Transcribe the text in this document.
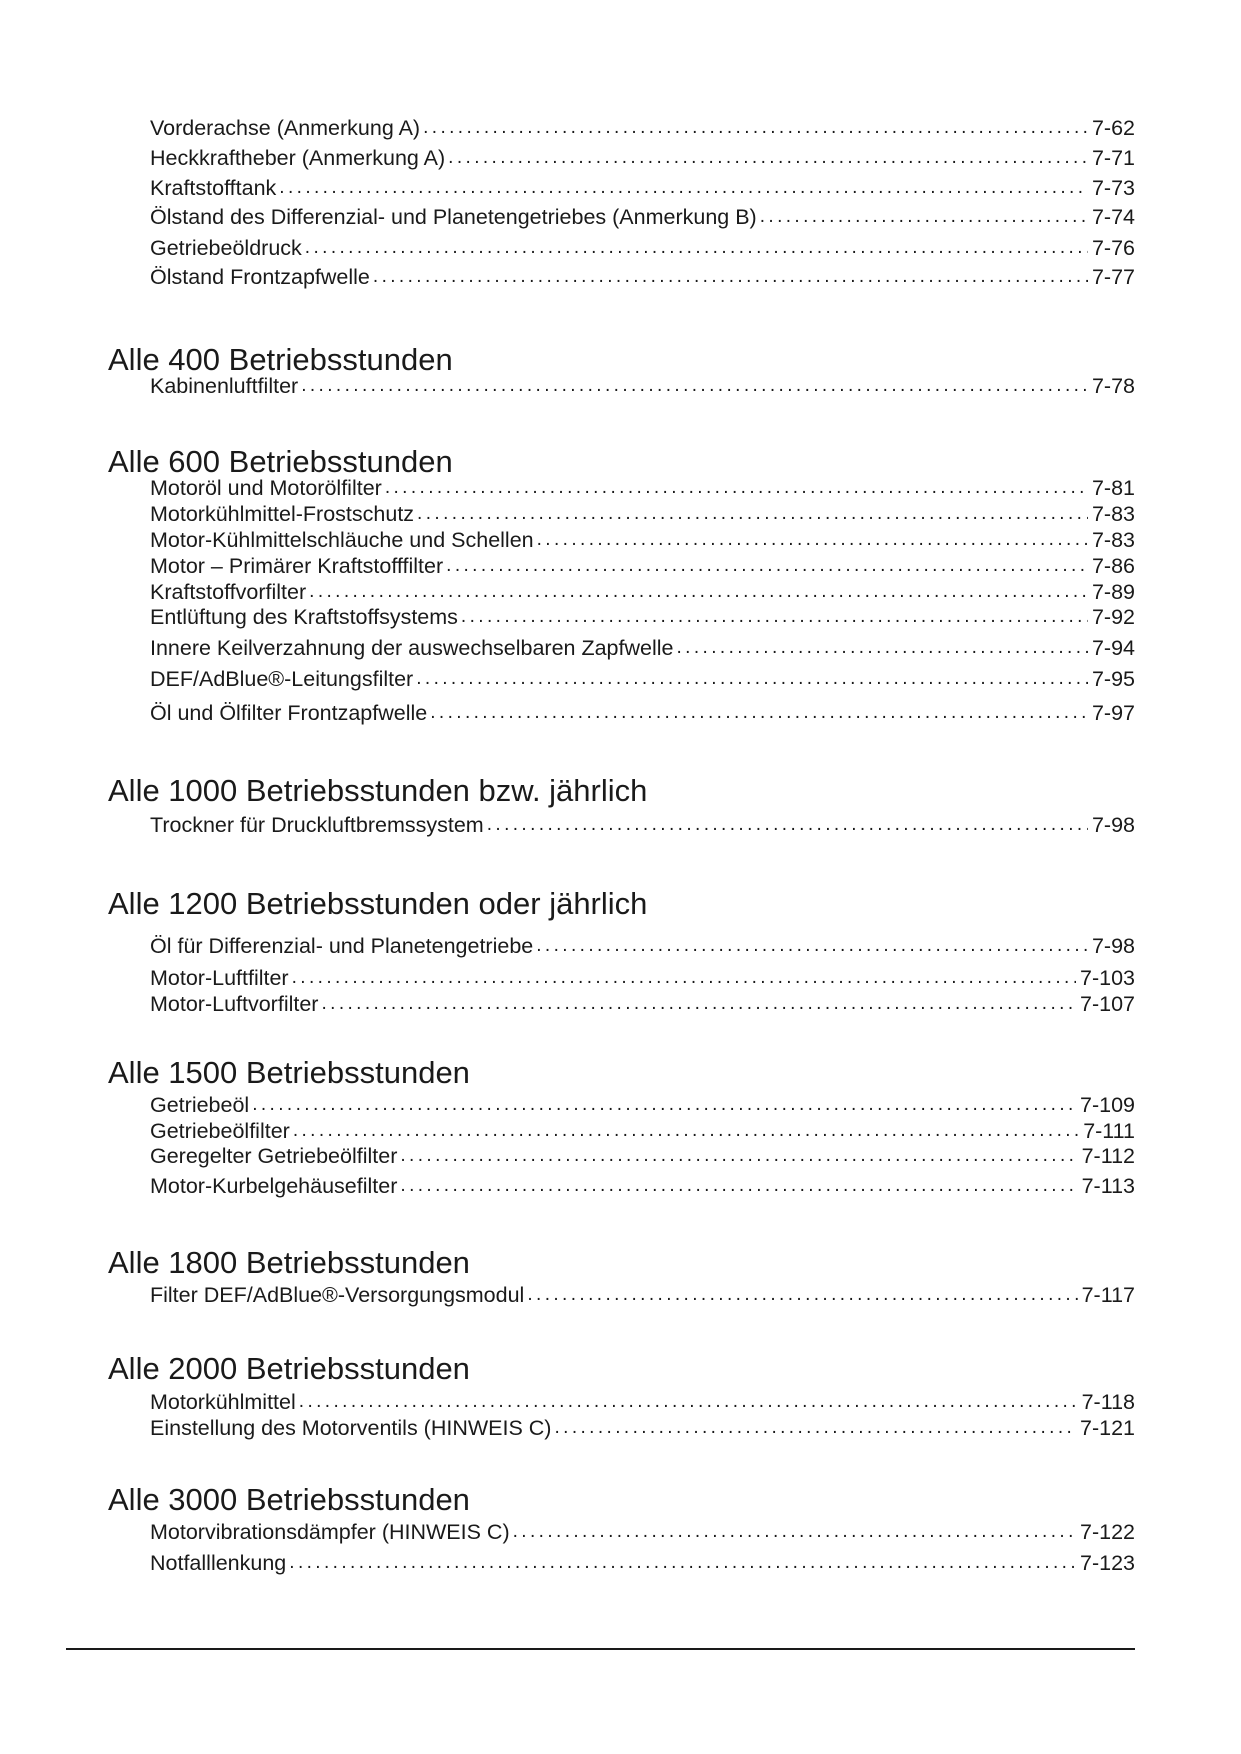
Vorderachse (Anmerkung A) .....	7-62
Heckkraftheber (Anmerkung A) .....	7-71
Kraftstofftank .....	7-73
Ölstand des Differenzial- und Planetengetriebes (Anmerkung B) .....	7-74
Getriebeöldruck .....	7-76
Ölstand Frontzapfwelle .....	7-77
Alle 400 Betriebsstunden
Kabinenluftfilter .....	7-78
Alle 600 Betriebsstunden
Motoröl und Motorölfilter .....	7-81
Motorkühlmittel-Frostschutz .....	7-83
Motor-Kühlmittelschläuche und Schellen .....	7-83
Motor – Primärer Kraftstofffilter .....	7-86
Kraftstoffvorfilter .....	7-89
Entlüftung des Kraftstoffsystems .....	7-92
Innere Keilverzahnung der auswechselbaren Zapfwelle .....	7-94
DEF/AdBlue®-Leitungsfilter .....	7-95
Öl und Ölfilter Frontzapfwelle .....	7-97
Alle 1000 Betriebsstunden bzw. jährlich
Trockner für Druckluftbremssystem .....	7-98
Alle 1200 Betriebsstunden oder jährlich
Öl für Differenzial- und Planetengetriebe .....	7-98
Motor-Luftfilter .....	7-103
Motor-Luftvorfilter .....	7-107
Alle 1500 Betriebsstunden
Getriebeöl .....	7-109
Getriebeölfilter .....	7-111
Geregelter Getriebeölfilter .....	7-112
Motor-Kurbelgehäusefilter .....	7-113
Alle 1800 Betriebsstunden
Filter DEF/AdBlue®-Versorgungsmodul .....	7-117
Alle 2000 Betriebsstunden
Motorkühlmittel .....	7-118
Einstellung des Motorventils (HINWEIS C) .....	7-121
Alle 3000 Betriebsstunden
Motorvibrationsdämpfer (HINWEIS C) .....	7-122
Notfalllenkung .....	7-123
